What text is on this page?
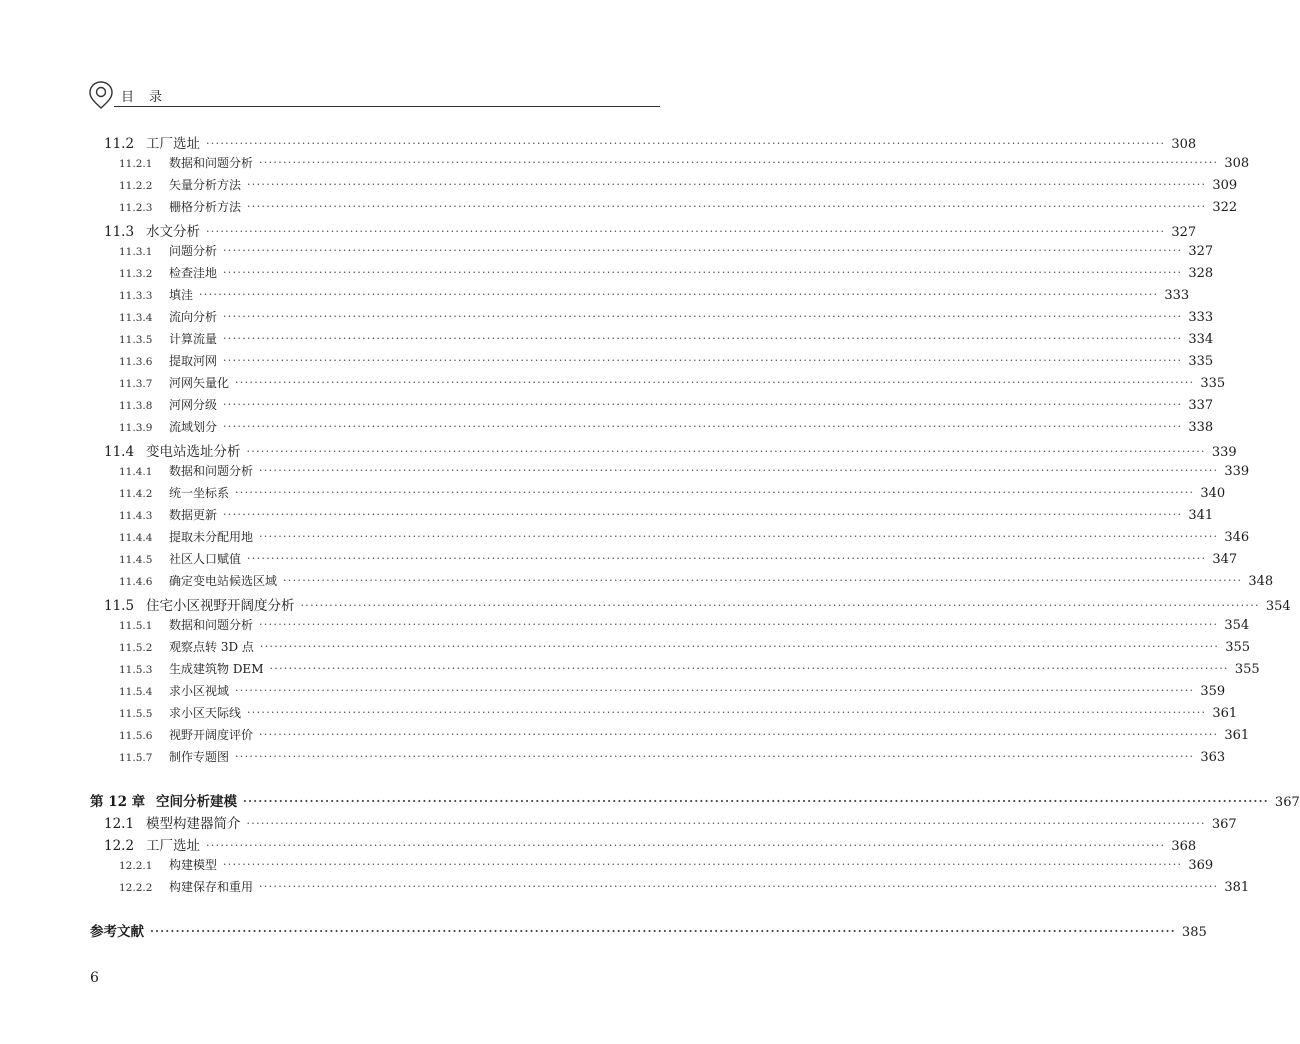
目　录
11.2 工厂选址 ········································································································································································································ 308
11.2.1	数据和问题分析 ········································································································································································································ 308
11.2.2	矢量分析方法 ········································································································································································································ 309
11.2.3	栅格分析方法 ········································································································································································································ 322
11.3 水文分析 ········································································································································································································ 327
11.3.1	问题分析 ········································································································································································································ 327
11.3.2	检查洼地 ········································································································································································································ 328
11.3.3	填洼 ········································································································································································································ 333
11.3.4	流向分析 ········································································································································································································ 333
11.3.5	计算流量 ········································································································································································································ 334
11.3.6	提取河网 ········································································································································································································ 335
11.3.7	河网矢量化 ········································································································································································································ 335
11.3.8	河网分级 ········································································································································································································ 337
11.3.9	流域划分 ········································································································································································································ 338
11.4 变电站选址分析 ········································································································································································································ 339
11.4.1	数据和问题分析 ········································································································································································································ 339
11.4.2	统一坐标系 ········································································································································································································ 340
11.4.3	数据更新 ········································································································································································································ 341
11.4.4	提取未分配用地 ········································································································································································································ 346
11.4.5	社区人口赋值 ········································································································································································································ 347
11.4.6	确定变电站候选区域 ········································································································································································································ 348
11.5 住宅小区视野开阔度分析 ········································································································································································································ 354
11.5.1	数据和问题分析 ········································································································································································································ 354
11.5.2	观察点转 3D 点 ········································································································································································································ 355
11.5.3	生成建筑物 DEM ········································································································································································································ 355
11.5.4	求小区视域 ········································································································································································································ 359
11.5.5	求小区天际线 ········································································································································································································ 361
11.5.6	视野开阔度评价 ········································································································································································································ 361
11.5.7	制作专题图 ········································································································································································································ 363
第 12 章 空间分析建模 ········································································································································································································ 367
12.1 模型构建器简介 ········································································································································································································ 367
12.2 工厂选址 ········································································································································································································ 368
12.2.1	构建模型 ········································································································································································································ 369
12.2.2	构建保存和重用 ········································································································································································································ 381
参考文献 ········································································································································································································ 385
6
